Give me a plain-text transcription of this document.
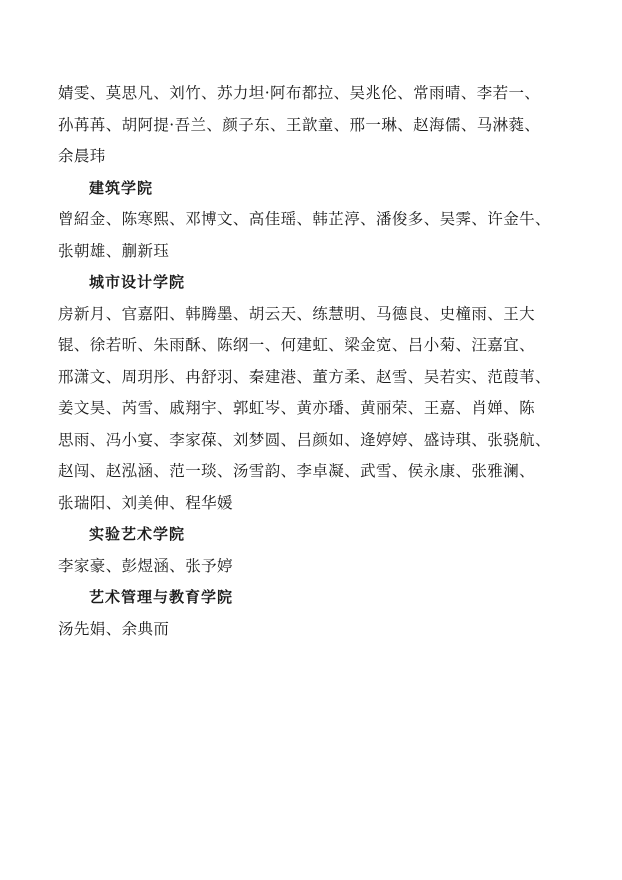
婧雯、莫思凡、刘竹、苏力坦·阿布都拉、吴兆伦、常雨晴、李若一、
孙苒苒、胡阿提·吾兰、颜子东、王歆童、邢一琳、赵海儒、马淋蕤、
余晨玮
建筑学院
曾紹金、陈寒熙、邓博文、高佳瑶、韩芷渟、潘俊多、吴霁、许金牛、
张朝雄、蒯新珏
城市设计学院
房新月、官嘉阳、韩腾墨、胡云天、练慧明、马德良、史橦雨、王大
锟、徐若昕、朱雨酥、陈纲一、何建虹、梁金宽、吕小菊、汪嘉宜、
邢潇文、周玥彤、冉舒羽、秦建港、董方柔、赵雪、吴若实、范葭苇、
姜文昊、芮雪、戚翔宇、郭虹岑、黄亦璠、黄丽荣、王嘉、肖婵、陈
思雨、冯小宴、李家葆、刘梦圆、吕颜如、逄婷婷、盛诗琪、张骁航、
赵闯、赵泓涵、范一琰、汤雪韵、李卓凝、武雪、侯永康、张雅澜、
张瑞阳、刘美伸、程华媛
实验艺术学院
李家豪、彭煜涵、张予婷
艺术管理与教育学院
汤先娟、余典而
